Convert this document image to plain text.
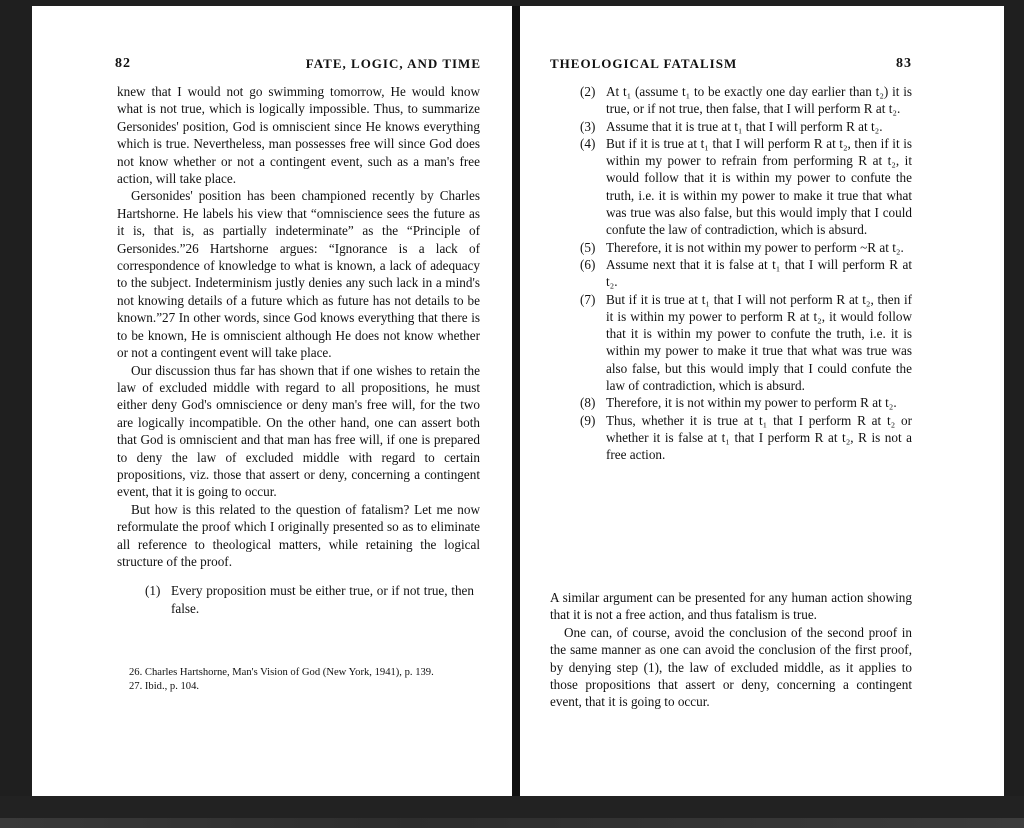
82	FATE, LOGIC, AND TIME

knew that I would not go swimming tomorrow, He would know what is not true, which is logically impossible. Thus, to summarize Gersonides' position, God is omniscient since He knows everything which is true. Nevertheless, man possesses free will since God does not know whether or not a contingent event, such as a man's free action, will take place.

Gersonides' position has been championed recently by Charles Hartshorne. He labels his view that “omniscience sees the future as it is, that is, as partially indeterminate” as the “Principle of Gersonides.”26 Hartshorne argues: “Ignorance is a lack of correspondence of knowledge to what is known, a lack of adequacy to the subject. Indeterminism justly denies any such lack in a mind's not knowing details of a future which as future has not details to be known.”27 In other words, since God knows everything that there is to be known, He is omniscient although He does not know whether or not a contingent event will take place.

Our discussion thus far has shown that if one wishes to retain the law of excluded middle with regard to all propositions, he must either deny God's omniscience or deny man's free will, for the two are logically incompatible. On the other hand, one can assert both that God is omniscient and that man has free will, if one is prepared to deny the law of excluded middle with regard to certain propositions, viz. those that assert or deny, concerning a contingent event, that it is going to occur.

But how is this related to the question of fatalism? Let me now reformulate the proof which I originally presented so as to eliminate all reference to theological matters, while retaining the logical structure of the proof.

(1) Every proposition must be either true, or if not true, then false.

26. Charles Hartshorne, Man's Vision of God (New York, 1941), p. 139.

27. Ibid., p. 104.

THEOLOGICAL FATALISM	83
(2) At t₁ (assume t₁ to be exactly one day earlier than t₂) it is true, or if not true, then false, that I will perform R at t₂.
(3) Assume that it is true at t₁ that I will perform R at t₂.
(4) But if it is true at t₁ that I will perform R at t₂, then if it is within my power to refrain from performing R at t₂, it would follow that it is within my power to confute the truth, i.e. it is within my power to make it true that what was true was also false, but this would imply that I could confute the law of contradiction, which is absurd.
(5) Therefore, it is not within my power to perform ~R at t₂.
(6) Assume next that it is false at t₁ that I will perform R at t₂.
(7) But if it is true at t₁ that I will not perform R at t₂, then if it is within my power to perform R at t₂, it would follow that it is within my power to confute the truth, i.e. it is within my power to make it true that what was true was also false, but this would imply that I could confute the law of contradiction, which is absurd.
(8) Therefore, it is not within my power to perform R at t₂.
(9) Thus, whether it is true at t₁ that I perform R at t₂ or whether it is false at t₁ that I perform R at t₂, R is not a free action.

A similar argument can be presented for any human action showing that it is not a free action, and thus fatalism is true.

One can, of course, avoid the conclusion of the second proof in the same manner as one can avoid the conclusion of the first proof, by denying step (1), the law of excluded middle, as it applies to those propositions that assert or deny, concerning a contingent event, that it is going to occur.
